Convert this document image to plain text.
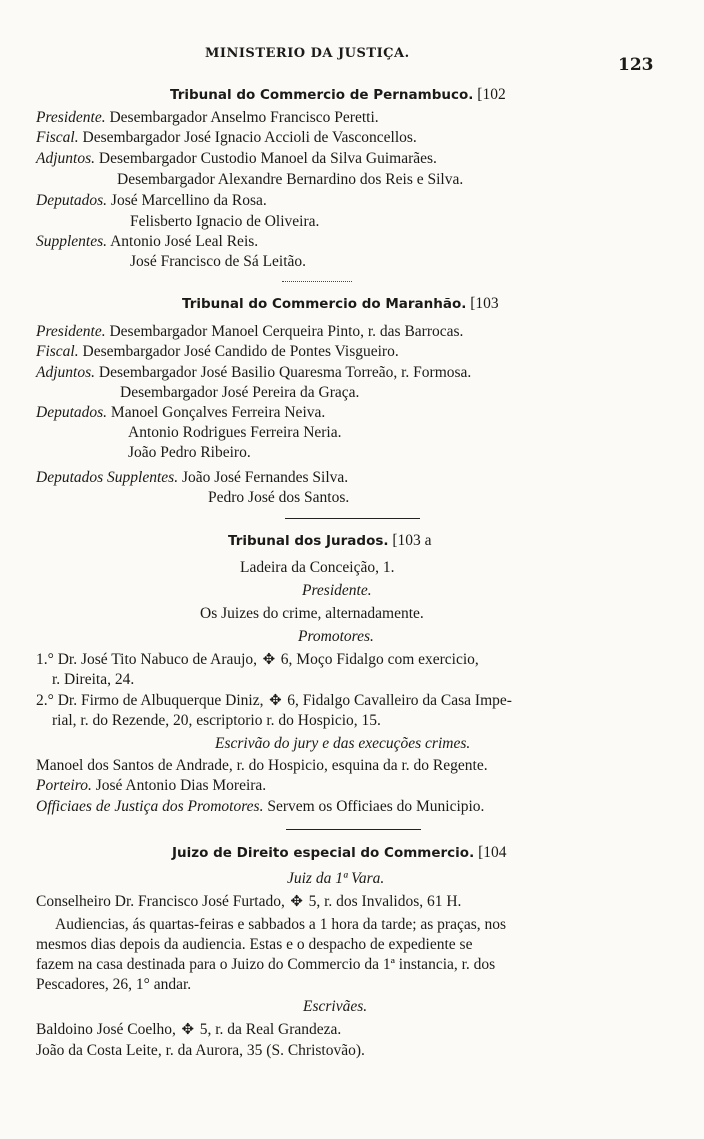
MINISTERIO DA JUSTIÇA.
123
Tribunal do Commercio de Pernambuco. [102
Presidente. Desembargador Anselmo Francisco Peretti.
Fiscal. Desembargador José Ignacio Accioli de Vasconcellos.
Adjuntos. Desembargador Custodio Manoel da Silva Guimarães.
Desembargador Alexandre Bernardino dos Reis e Silva.
Deputados. José Marcellino da Rosa.
Felisberto Ignacio de Oliveira.
Supplentes. Antonio José Leal Reis.
José Francisco de Sá Leitão.
Tribunal do Commercio do Maranhão. [103
Presidente. Desembargador Manoel Cerqueira Pinto, r. das Barrocas.
Fiscal. Desembargador José Candido de Pontes Visgueiro.
Adjuntos. Desembargador José Basilio Quaresma Torreão, r. Formosa.
Desembargador José Pereira da Graça.
Deputados. Manoel Gonçalves Ferreira Neiva.
Antonio Rodrigues Ferreira Neria.
João Pedro Ribeiro.
Deputados Supplentes. João José Fernandes Silva.
Pedro José dos Santos.
Tribunal dos Jurados. [103 a
Ladeira da Conceição, 1.
Presidente.
Os Juizes do crime, alternadamente.
Promotores.
1.° Dr. José Tito Nabuco de Araujo, ✥ 6, Moço Fidalgo com exercicio,
r. Direita, 24.
2.° Dr. Firmo de Albuquerque Diniz, ✥ 6, Fidalgo Cavalleiro da Casa Impe-
rial, r. do Rezende, 20, escriptorio r. do Hospicio, 15.
Escrivão do jury e das execuções crimes.
Manoel dos Santos de Andrade, r. do Hospicio, esquina da r. do Regente.
Porteiro. José Antonio Dias Moreira.
Officiaes de Justiça dos Promotores. Servem os Officiaes do Municipio.
Juizo de Direito especial do Commercio. [104
Juiz da 1ª Vara.
Conselheiro Dr. Francisco José Furtado, ✥ 5, r. dos Invalidos, 61 H.
Audiencias, ás quartas-feiras e sabbados a 1 hora da tarde; as praças, nos
mesmos dias depois da audiencia. Estas e o despacho de expediente se
fazem na casa destinada para o Juizo do Commercio da 1ª instancia, r. dos
Pescadores, 26, 1° andar.
Escrivães.
Baldoino José Coelho, ✥ 5, r. da Real Grandeza.
João da Costa Leite, r. da Aurora, 35 (S. Christovão).
